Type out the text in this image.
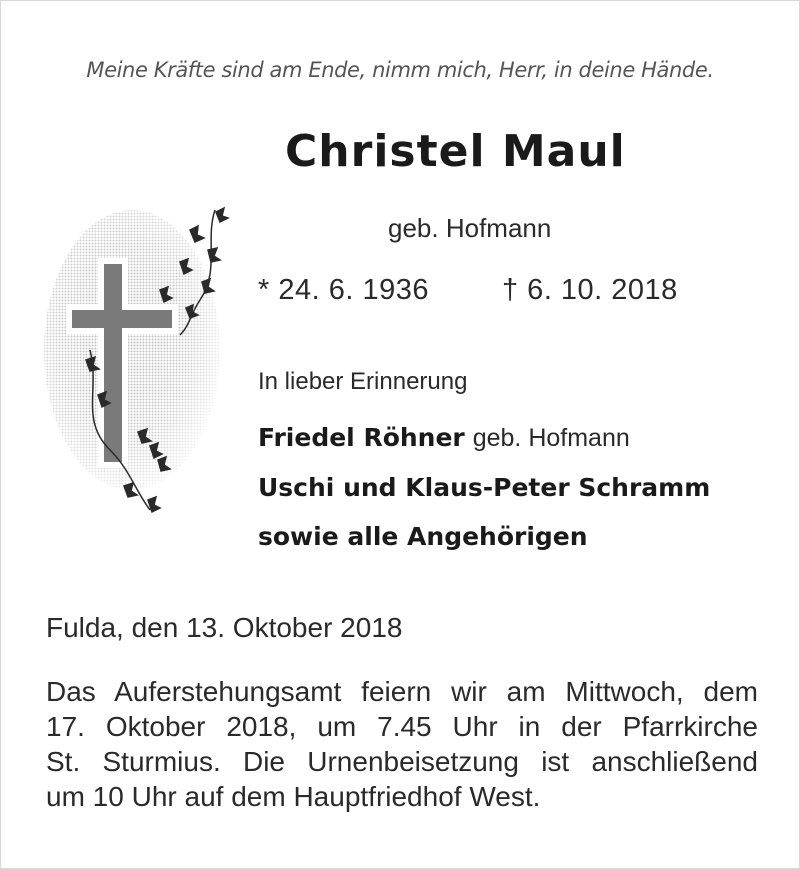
Meine Kräfte sind am Ende, nimm mich, Herr, in deine Hände.
Christel Maul
geb. Hofmann
* 24. 6. 1936	† 6. 10. 2018
In lieber Erinnerung
Friedel Röhner geb. Hofmann
Uschi und Klaus-Peter Schramm
sowie alle Angehörigen
Fulda, den 13. Oktober 2018
Das Auferstehungsamt feiern wir am Mittwoch, dem
17. Oktober 2018, um 7.45 Uhr in der Pfarrkirche
St. Sturmius. Die Urnenbeisetzung ist anschließend
um 10 Uhr auf dem Hauptfriedhof West.
